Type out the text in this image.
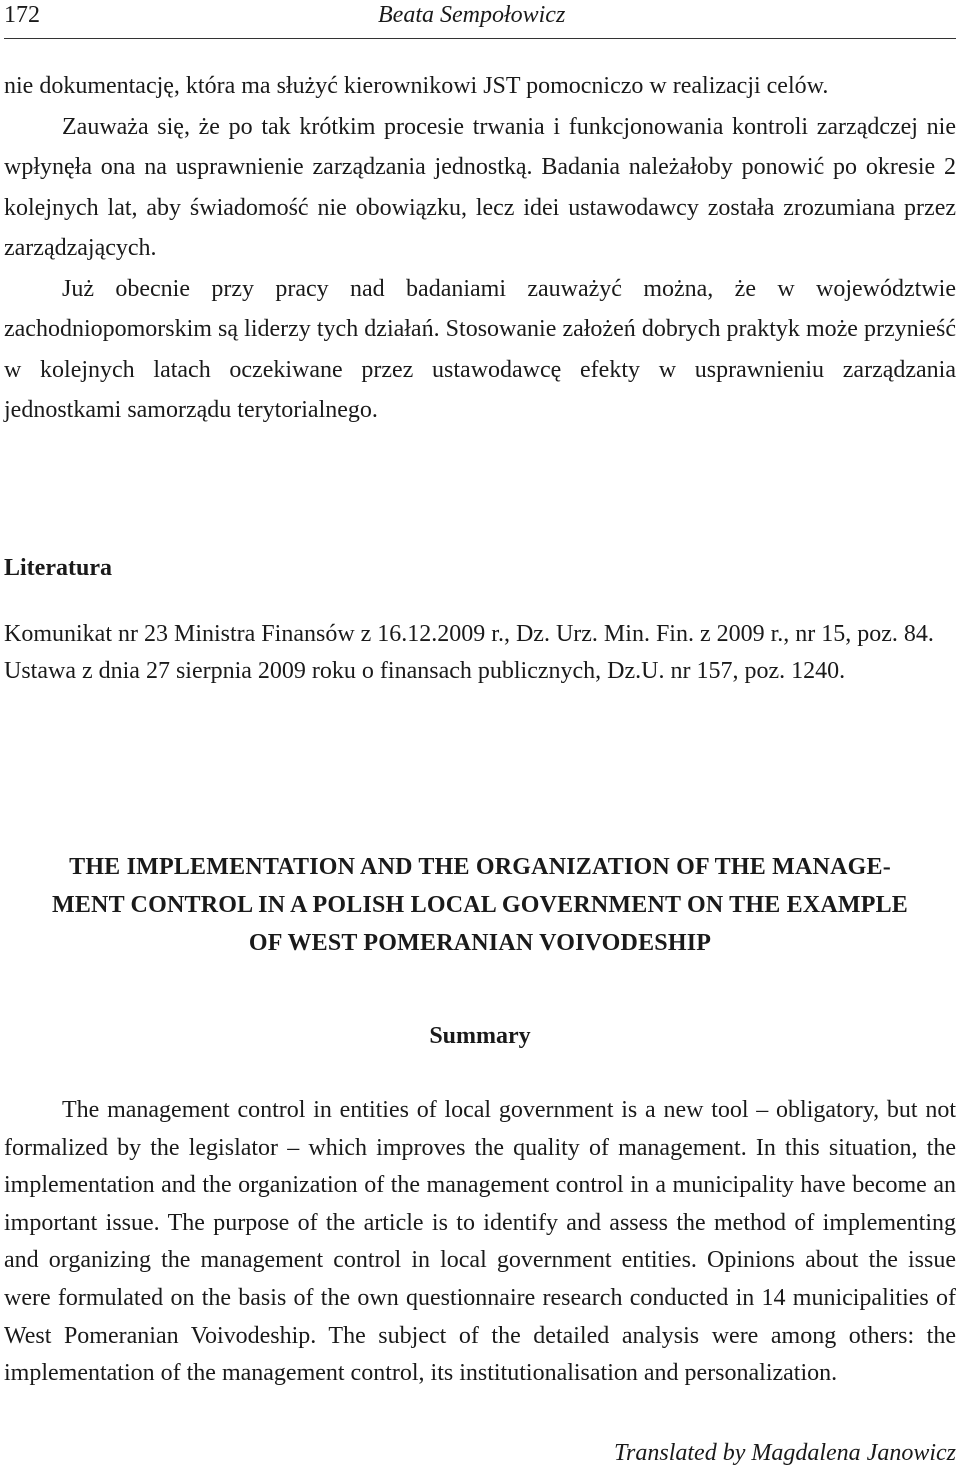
172	Beata Sempołowicz

nie dokumentację, która ma służyć kierownikowi JST pomocniczo w realizacji celów.

Zauważa się, że po tak krótkim procesie trwania i funkcjonowania kontroli zarządczej nie wpłynęła ona na usprawnienie zarządzania jednostką. Badania należałoby ponowić po okresie 2 kolejnych lat, aby świadomość nie obowiązku, lecz idei ustawodawcy została zrozumiana przez zarządzających.

Już obecnie przy pracy nad badaniami zauważyć można, że w województwie zachodniopomorskim są liderzy tych działań. Stosowanie założeń dobrych praktyk może przynieść w kolejnych latach oczekiwane przez ustawodawcę efekty w usprawnieniu zarządzania jednostkami samorządu terytorialnego.

Literatura

Komunikat nr 23 Ministra Finansów z 16.12.2009 r., Dz. Urz. Min. Fin. z 2009 r., nr 15, poz. 84.

Ustawa z dnia 27 sierpnia 2009 roku o finansach publicznych, Dz.U. nr 157, poz. 1240.

THE IMPLEMENTATION AND THE ORGANIZATION OF THE MANAGE-
MENT CONTROL IN A POLISH LOCAL GOVERNMENT ON THE EXAMPLE
OF WEST POMERANIAN VOIVODESHIP
Summary

The management control in entities of local government is a new tool – obligatory, but not formalized by the legislator – which improves the quality of management. In this situation, the implementation and the organization of the management control in a municipality have become an important issue. The purpose of the article is to identify and assess the method of implementing and organizing the management control in local government entities. Opinions about the issue were formulated on the basis of the own questionnaire research conducted in 14 municipalities of West Pomeranian Voivodeship. The subject of the detailed analysis were among others: the implementation of the management control, its institutionalisation and personalization.

Translated by Magdalena Janowicz
